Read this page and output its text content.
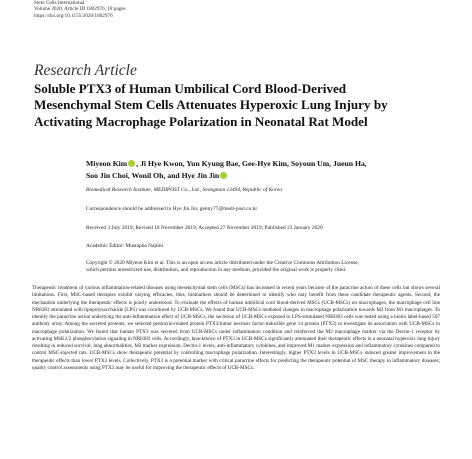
Stem Cells International
Volume 2020, Article ID 1802976, 18 pages
https://doi.org/10.1155/2020/1802976
Research Article
Soluble PTX3 of Human Umbilical Cord Blood-Derived
Mesenchymal Stem Cells Attenuates Hyperoxic Lung Injury by
Activating Macrophage Polarization in Neonatal Rat Model
Miyeon Kim , Ji Hye Kwon, Yun Kyung Bae, Gee-Hye Kim, Soyoun Um, Jueun Ha,
Soo Jin Choi, Wonil Oh, and Hye Jin Jin
Biomedical Research Institute, MEDIPOST Co., Ltd., Seongnam 13494, Republic of Korea
Correspondence should be addressed to Hye Jin Jin; genny77@medi-post.co.kr
Received 3 July 2019; Revised 18 November 2019; Accepted 27 November 2019; Published 23 January 2020
Academic Editor: Mustapha Najimi
Copyright © 2020 Miyeon Kim et al. This is an open access article distributed under the Creative Commons Attribution License,
which permits unrestricted use, distribution, and reproduction in any medium, provided the original work is properly cited.
Therapeutic treatment of various inflammation-related diseases using mesenchymal stem cells (MSCs) has increased in recent years because of the paracrine action of these cells but shows several limitations. First, MSC-based therapies exhibit varying efficacies; thus, biomarkers should be determined to identify who may benefit from these candidate therapeutic agents. Second, the mechanism underlying the therapeutic effects is poorly understood. To evaluate the effects of human umbilical cord blood-derived MSCs (UCB-MSCs) on macrophages, the macrophage cell line NR8383 stimulated with lipopolysaccharide (LPS) was cocultured by UCB-MSCs. We found that UCB-MSCs mediated changes in macrophage polarization towards M2 from M1 macrophages. To identify the paracrine action underlying the anti-inflammation effect of UCB-MSCs, the secretion of UCB-MSCs exposed to LPS-stimulated NR8383 cells was tested using a biotin label-based 507 antibody array. Among the secreted proteins, we selected pentraxin-related protein PTX3/tumor necrosis factor-inducible gene 14 protein (PTX3) to investigate its association with UCB-MSCs in macrophage polarization. We found that human PTX3 was secreted from UCB-MSCs under inflammation condition and reinforced the M2 macrophage marker via the Dectin-1 receptor by activating MSK1/2 phosphorylation signaling in NR8383 cells. Accordingly, knockdown of PTX3 in UCB-MSCs significantly attenuated their therapeutic effects in a neonatal hyperoxic lung injury resulting in reduced survival, lung abnormalities, M2 marker expression, Dectin-1 levels, anti-inflammatory cytokines, and improved M1 marker expression and inflammatory cytokines compared to control MSC-injected rats. UCB-MSCs show therapeutic potential by controlling macrophage polarization. Interestingly, higher PTX3 levels in UCB-MSCs induced greater improvement in the therapeutic effects than lower PTX3 levels. Collectively, PTX3 is a potential marker with critical paracrine effects for predicting the therapeutic potential of MSC therapy in inflammatory diseases; quality control assessments using PTX3 may be useful for improving the therapeutic effects of UCB-MSCs.
